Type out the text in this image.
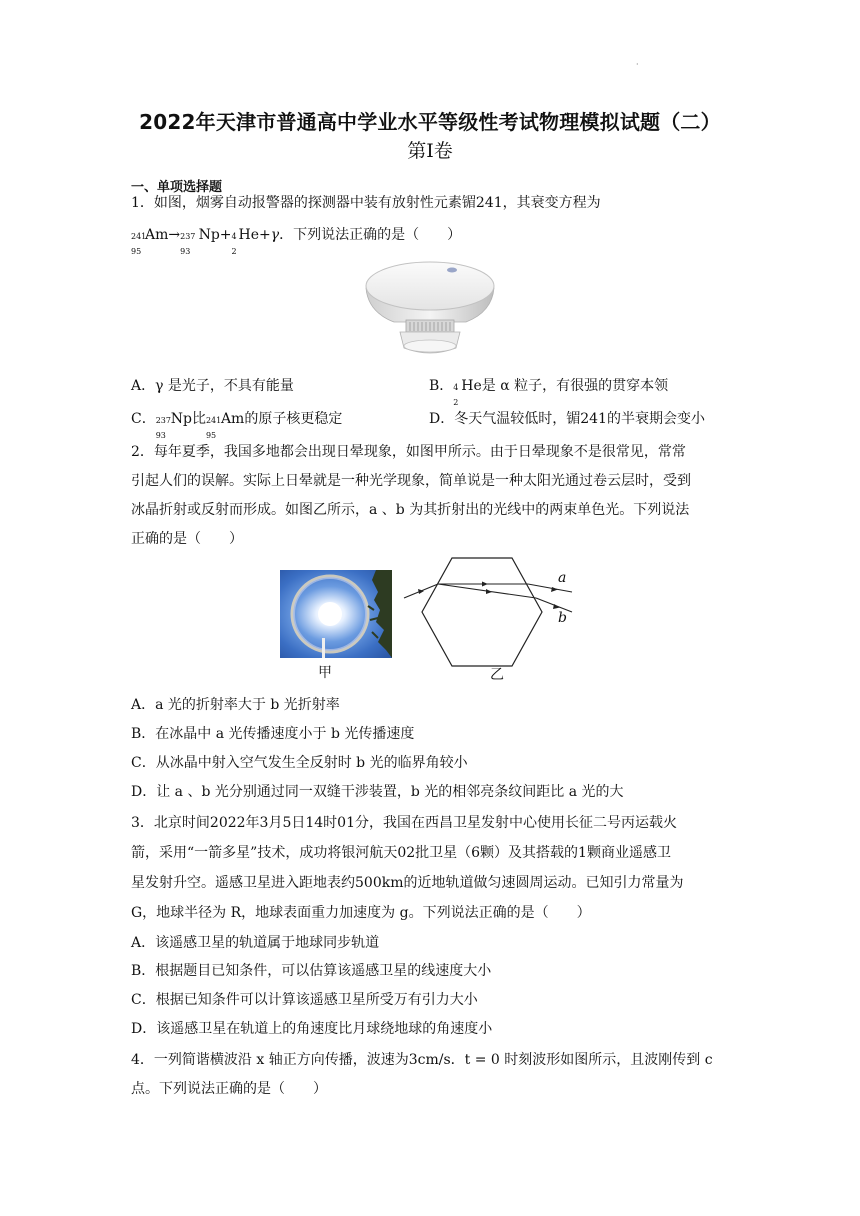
·
2022年天津市普通高中学业水平等级性考试物理模拟试题（二）
第Ⅰ卷
一、单项选择题
1．如图，烟雾自动报警器的探测器中装有放射性元素镅241，其衰变方程为
241
95
Am→ 237
93
Np+ 4
2
He+γ．下列说法正确的是（　　）
A．γ 是光子，不具有能量	B． 4
2
He是 α 粒子，有很强的贯穿本领
C． 237
93
Np比 241
95
Am的原子核更稳定	D．冬天气温较低时，镅241的半衰期会变小
2．每年夏季，我国多地都会出现日晕现象，如图甲所示。由于日晕现象不是很常见，常常
引起人们的误解。实际上日晕就是一种光学现象，简单说是一种太阳光通过卷云层时，受到
冰晶折射或反射而形成。如图乙所示，a 、b 为其折射出的光线中的两束单色光。下列说法
正确的是（　　）
甲
a
b
乙
A．a 光的折射率大于 b 光折射率
B．在冰晶中 a 光传播速度小于 b 光传播速度
C．从冰晶中射入空气发生全反射时 b 光的临界角较小
D．让 a 、b 光分别通过同一双缝干涉装置，b 光的相邻亮条纹间距比 a 光的大
3．北京时间2022年3月5日14时01分，我国在西昌卫星发射中心使用长征二号丙运载火
箭，采用“一箭多星”技术，成功将银河航天02批卫星（6颗）及其搭载的1颗商业遥感卫
星发射升空。遥感卫星进入距地表约500km的近地轨道做匀速圆周运动。已知引力常量为
G，地球半径为 R，地球表面重力加速度为 g。下列说法正确的是（　　）
A．该遥感卫星的轨道属于地球同步轨道
B．根据题目已知条件，可以估算该遥感卫星的线速度大小
C．根据已知条件可以计算该遥感卫星所受万有引力大小
D．该遥感卫星在轨道上的角速度比月球绕地球的角速度小
4．一列简谐横波沿 x 轴正方向传播，波速为3cm/s．t = 0 时刻波形如图所示，且波刚传到 c
点。下列说法正确的是（　　）
